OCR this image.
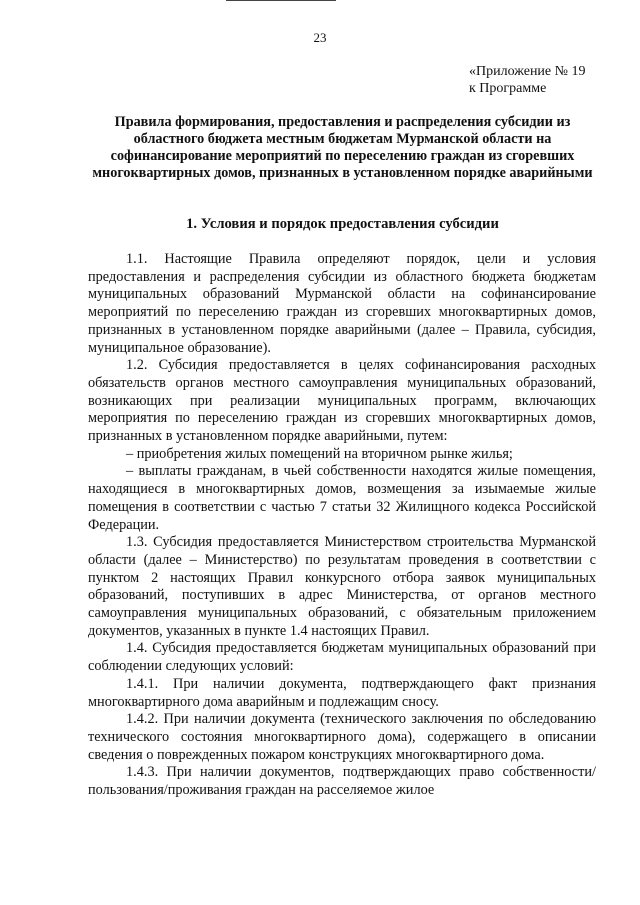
23
«Приложение № 19
к Программе
Правила формирования, предоставления и распределения субсидии из областного бюджета местным бюджетам Мурманской области на софинансирование мероприятий по переселению граждан из сгоревших многоквартирных домов, признанных в установленном порядке аварийными
1. Условия и порядок предоставления субсидии

1.1. Настоящие Правила определяют порядок, цели и условия предоставления и распределения субсидии из областного бюджета бюджетам муниципальных образований Мурманской области на софинансирование мероприятий по переселению граждан из сгоревших многоквартирных домов, признанных в установленном порядке аварийными (далее – Правила, субсидия, муниципальное образование).

1.2. Субсидия предоставляется в целях софинансирования расходных обязательств органов местного самоуправления муниципальных образований, возникающих при реализации муниципальных программ, включающих мероприятия по переселению граждан из сгоревших многоквартирных домов, признанных в установленном порядке аварийными, путем:

– приобретения жилых помещений на вторичном рынке жилья;

– выплаты гражданам, в чьей собственности находятся жилые помещения, находящиеся в многоквартирных домов, возмещения за изымаемые жилые помещения в соответствии с частью 7 статьи 32 Жилищного кодекса Российской Федерации.

1.3. Субсидия предоставляется Министерством строительства Мурманской области (далее – Министерство) по результатам проведения в соответствии с пунктом 2 настоящих Правил конкурсного отбора заявок муниципальных образований, поступивших в адрес Министерства, от органов местного самоуправления муниципальных образований, с обязательным приложением документов, указанных в пункте 1.4 настоящих Правил.

1.4. Субсидия предоставляется бюджетам муниципальных образований при соблюдении следующих условий:

1.4.1. При наличии документа, подтверждающего факт признания многоквартирного дома аварийным и подлежащим сносу.

1.4.2. При наличии документа (технического заключения по обследованию технического состояния многоквартирного дома), содержащего в описании сведения о поврежденных пожаром конструкциях многоквартирного дома.

1.4.3. При наличии документов, подтверждающих право собственности/пользования/проживания граждан на расселяемое жилое
